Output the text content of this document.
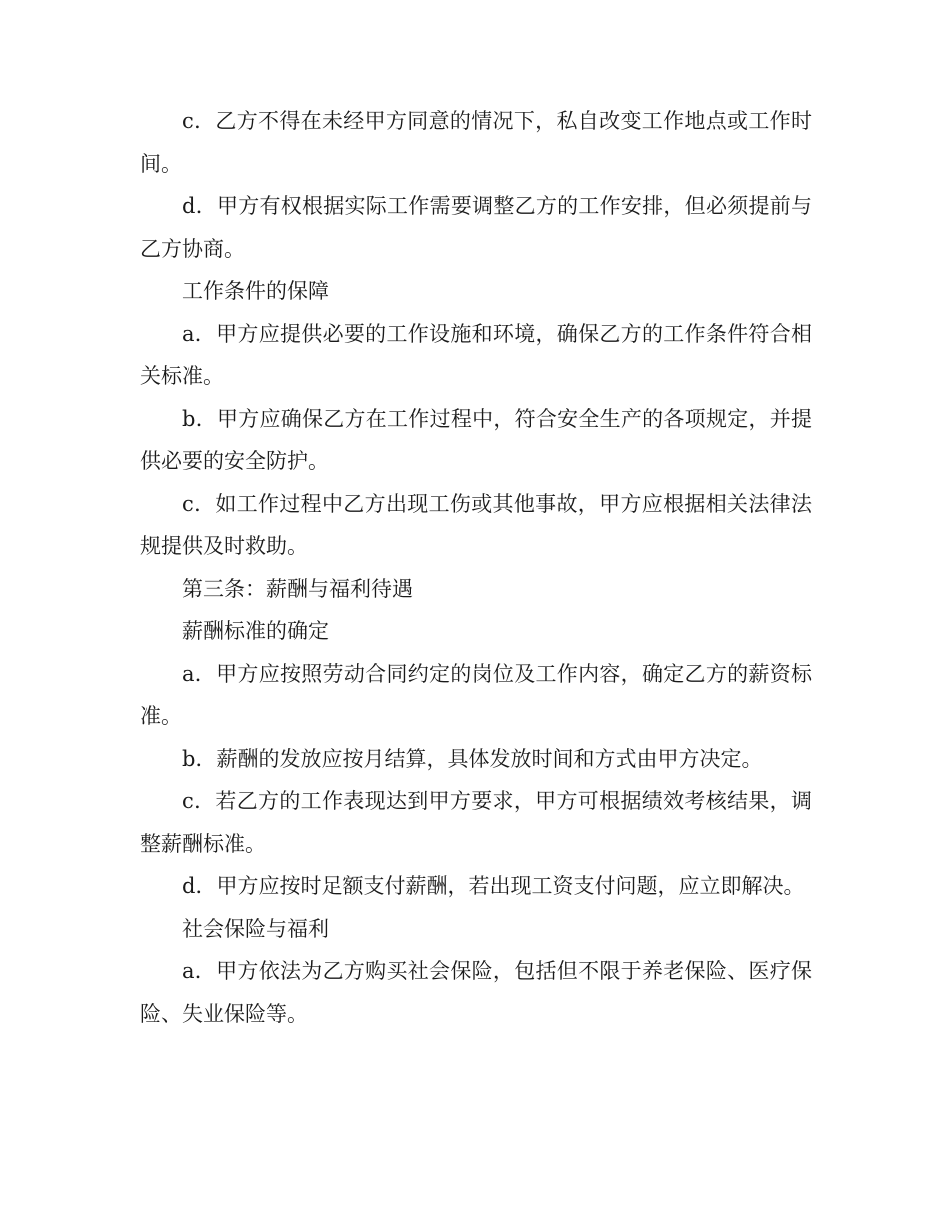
c．乙方不得在未经甲方同意的情况下，私自改变工作地点或工作时间。

d．甲方有权根据实际工作需要调整乙方的工作安排，但必须提前与乙方协商。

工作条件的保障

a．甲方应提供必要的工作设施和环境，确保乙方的工作条件符合相关标准。

b．甲方应确保乙方在工作过程中，符合安全生产的各项规定，并提供必要的安全防护。

c．如工作过程中乙方出现工伤或其他事故，甲方应根据相关法律法规提供及时救助。

第三条：薪酬与福利待遇

薪酬标准的确定

a．甲方应按照劳动合同约定的岗位及工作内容，确定乙方的薪资标准。

b．薪酬的发放应按月结算，具体发放时间和方式由甲方决定。

c．若乙方的工作表现达到甲方要求，甲方可根据绩效考核结果，调整薪酬标准。

d．甲方应按时足额支付薪酬，若出现工资支付问题，应立即解决。

社会保险与福利

a．甲方依法为乙方购买社会保险，包括但不限于养老保险、医疗保险、失业保险等。
